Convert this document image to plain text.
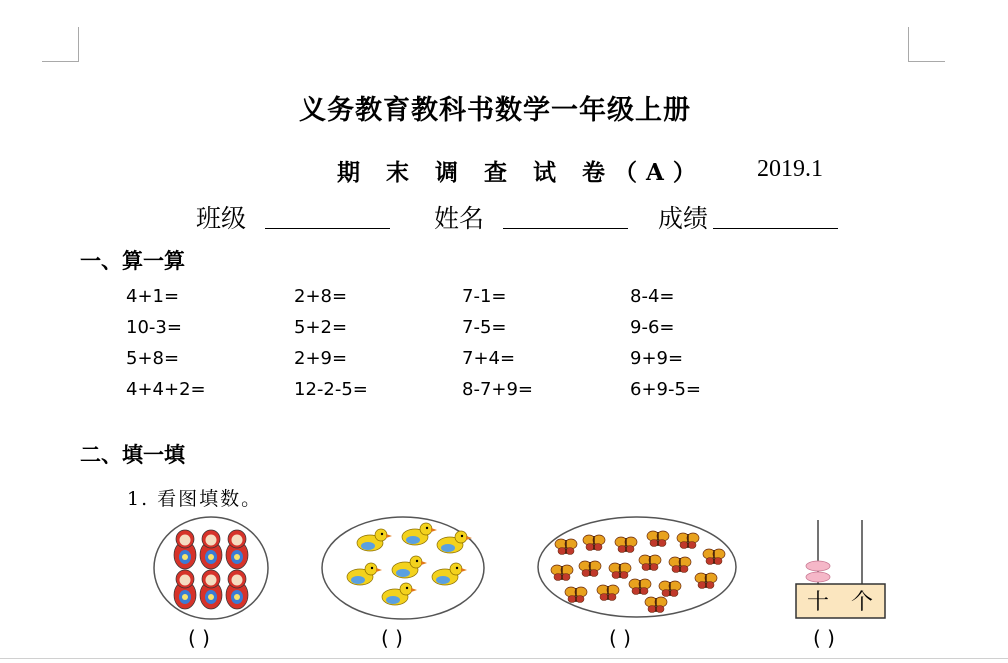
义务教育教科书数学一年级上册
期 末 调 查 试 卷（A） 2019.1
班级	姓名	成绩
一、算一算
4+1=	2+8=	7-1=	8-4=
10-3=	5+2=	7-5=	9-6=
5+8=	2+9=	7+4=	9+9=
4+4+2=	12-2-5=	8-7+9=	6+9-5=
二、填一填
1. 看图填数。
十 个
( )	( )	( )	( )
